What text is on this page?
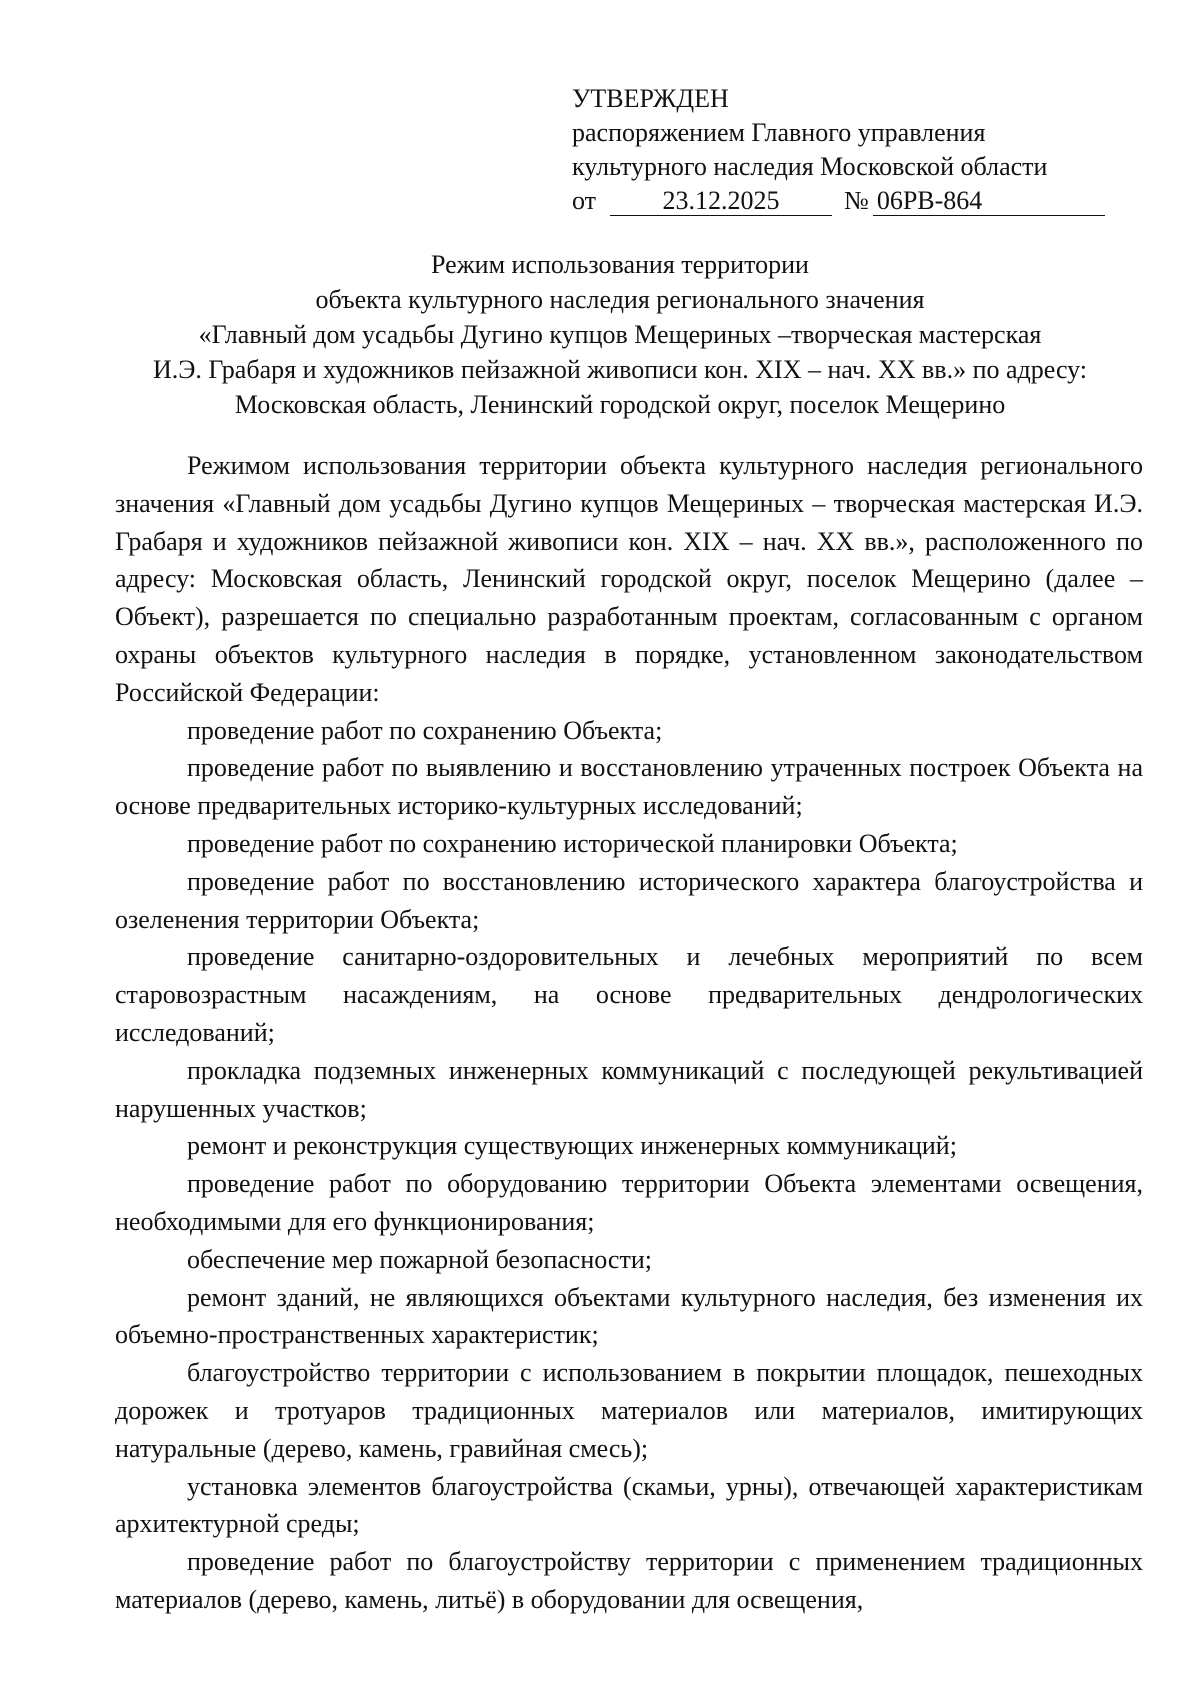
УТВЕРЖДЕН
распоряжением Главного управления
культурного наследия Московской области
от	23.12.2025	№ 06РВ-864
Режим использования территории
объекта культурного наследия регионального значения
«Главный дом усадьбы Дугино купцов Мещериных –творческая мастерская
И.Э. Грабаря и художников пейзажной живописи кон. XIX – нач. XX вв.» по адресу:
Московская область, Ленинский городской округ, поселок Мещерино

Режимом использования территории объекта культурного наследия регионального значения «Главный дом усадьбы Дугино купцов Мещериных – творческая мастерская И.Э. Грабаря и художников пейзажной живописи кон. XIX – нач. XX вв.», расположенного по адресу: Московская область, Ленинский городской округ, поселок Мещерино (далее – Объект), разрешается по специально разработанным проектам, согласованным с органом охраны объектов культурного наследия в порядке, установленном законодательством Российской Федерации:

проведение работ по сохранению Объекта;

проведение работ по выявлению и восстановлению утраченных построек Объекта на основе предварительных историко-культурных исследований;

проведение работ по сохранению исторической планировки Объекта;

проведение работ по восстановлению исторического характера благоустройства и озеленения территории Объекта;

проведение санитарно-оздоровительных и лечебных мероприятий по всем старовозрастным насаждениям, на основе предварительных дендрологических исследований;

прокладка подземных инженерных коммуникаций с последующей рекультивацией нарушенных участков;

ремонт и реконструкция существующих инженерных коммуникаций;

проведение работ по оборудованию территории Объекта элементами освещения, необходимыми для его функционирования;

обеспечение мер пожарной безопасности;

ремонт зданий, не являющихся объектами культурного наследия, без изменения их объемно-пространственных характеристик;

благоустройство территории с использованием в покрытии площадок, пешеходных дорожек и тротуаров традиционных материалов или материалов, имитирующих натуральные (дерево, камень, гравийная смесь);

установка элементов благоустройства (скамьи, урны), отвечающей характеристикам архитектурной среды;

проведение работ по благоустройству территории с применением традиционных материалов (дерево, камень, литьё) в оборудовании для освещения,
